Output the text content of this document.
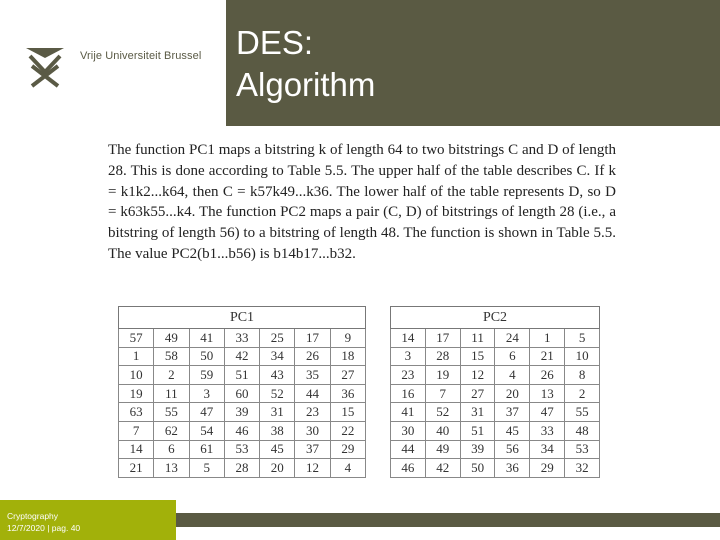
Vrije Universiteit Brussel DES:
Algorithm

The function PC1 maps a bitstring k of length 64 to two bitstrings C and D of length 28. This is done according to Table 5.5. The upper half of the table describes C. If k = k1k2...k64, then C = k57k49...k36. The lower half of the table represents D, so D = k63k55...k4. The function PC2 maps a pair (C, D) of bitstrings of length 28 (i.e., a bitstring of length 56) to a bitstring of length 48. The function is shown in Table 5.5. The value PC2(b1...b56) is b14b17...b32.

PC1						
57	49	41	33	25	17	9
1	58	50	42	34	26	18
10	2	59	51	43	35	27
19	11	3	60	52	44	36
63	55	47	39	31	23	15
7	62	54	46	38	30	22
14	6	61	53	45	37	29
21	13	5	28	20	12	4
PC2					
14	17	11	24	1	5
3	28	15	6	21	10
23	19	12	4	26	8
16	7	27	20	13	2
41	52	31	37	47	55
30	40	51	45	33	48
44	49	39	56	34	53
46	42	50	36	29	32
Cryptography
12/7/2020 | pag. 40
